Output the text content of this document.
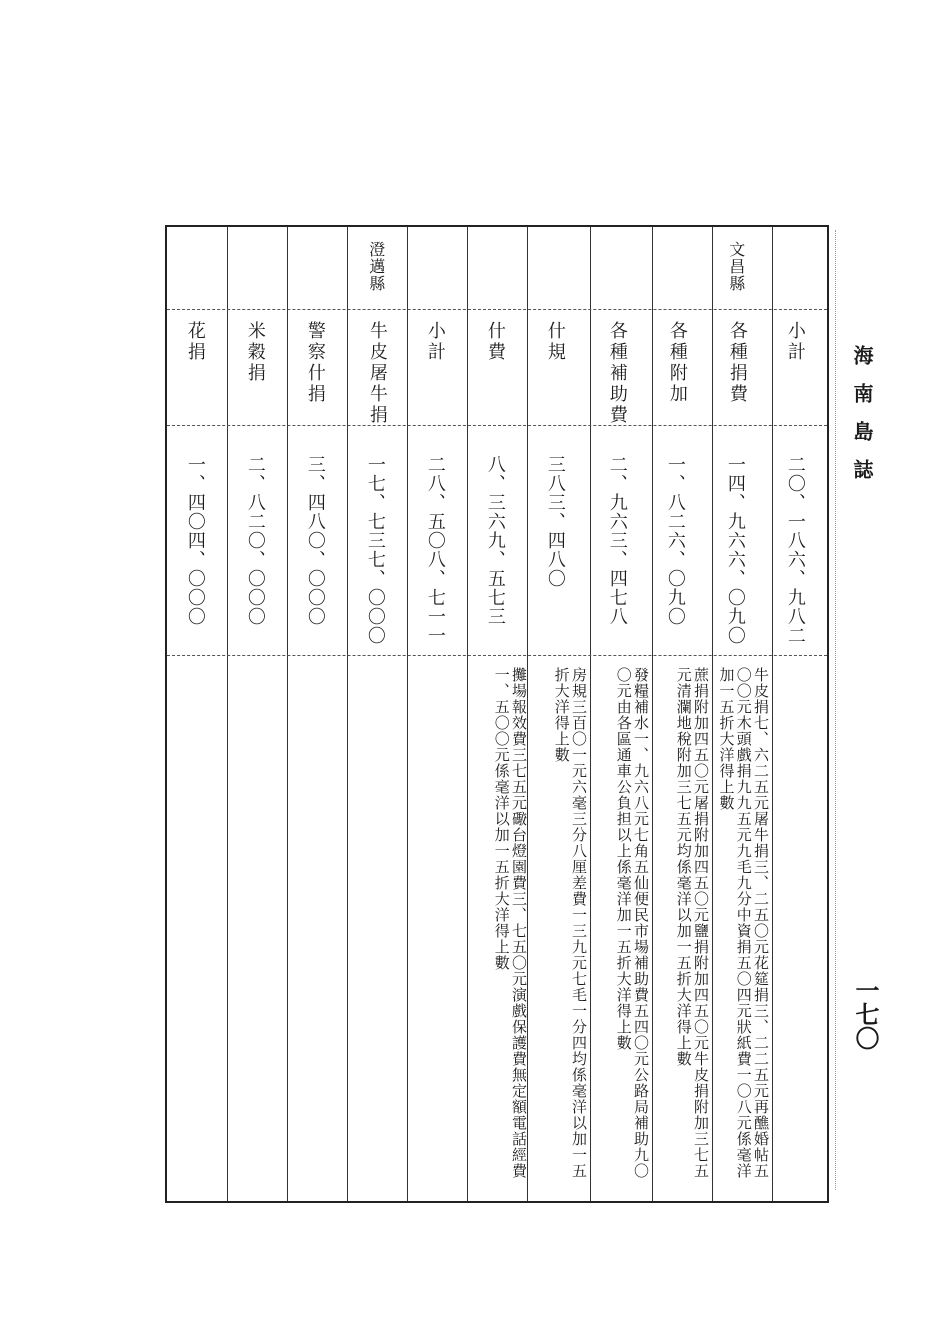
小計
二〇、一八六、九八二
文昌縣
各種捐費
一四、九六六、〇九〇
牛皮捐七、六二五元屠牛捐三、二五〇元花筵捐三、二二五元再醮婚帖五〇〇元木頭戲捐九九五元九毛九分中資捐五〇四元狀紙費一〇八元係毫洋加一五折大洋得上數
各種附加
一、八二六、〇九〇
蔗捐附加四五〇元屠捐附加四五〇元鹽捐附加四五〇元牛皮捐附加三七五元清瀾地稅附加三七五元均係毫洋以加一五折大洋得上數
各種補助費
二、九六三、四七八
發糧補水一、九六八元七角五仙便民市場補助費五四〇元公路局補助九〇〇元由各區通車公負担以上係毫洋加一五折大洋得上數
什規
三八三、四八〇
房規三百〇一元六毫三分八厘差費一三九元七毛一分四均係毫洋以加一五折大洋得上數
什費
八、三六九、五七三
攤場報效費三七五元礮台燈園費三、七五〇元演戲保護費無定額電話經費一、五〇〇元係毫洋以加一五折大洋得上數
小計
二八、五〇八、七一一
澄邁縣
牛皮屠牛捐
一七、七三七、〇〇〇
警察什捐
三、四八〇、〇〇〇
米穀捐
二、八二〇、〇〇〇
花捐
一、四〇四、〇〇〇
海南島誌
一七〇
